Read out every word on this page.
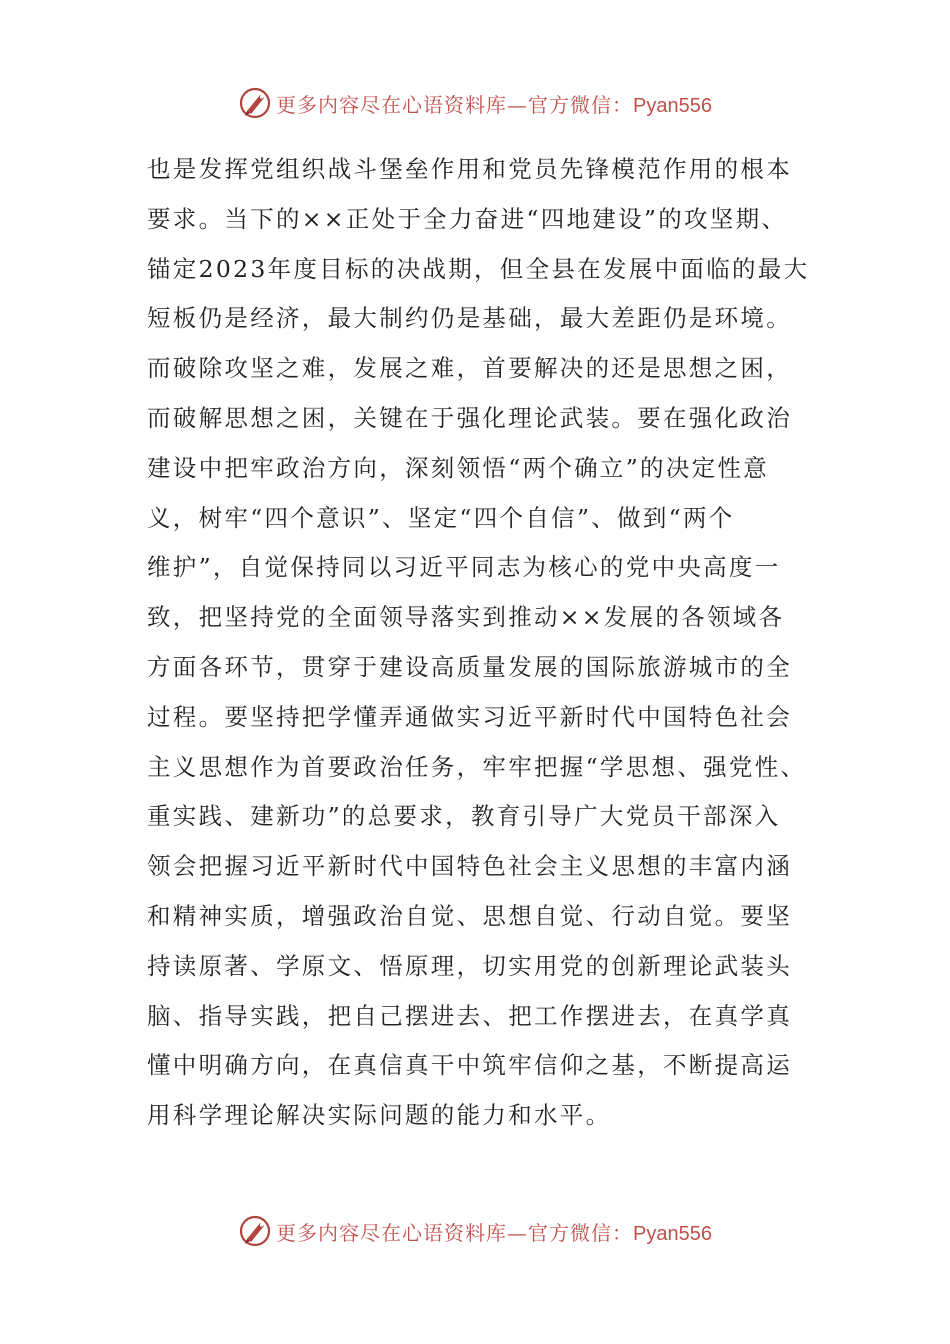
更多内容尽在心语资料库—官方微信：Pyan556
也是发挥党组织战斗堡垒作用和党员先锋模范作用的根本
要求。当下的××正处于全力奋进“四地建设”的攻坚期、
锚定2023年度目标的决战期，但全县在发展中面临的最大
短板仍是经济，最大制约仍是基础，最大差距仍是环境。
而破除攻坚之难，发展之难，首要解决的还是思想之困，
而破解思想之困，关键在于强化理论武装。要在强化政治
建设中把牢政治方向，深刻领悟“两个确立”的决定性意
义，树牢“四个意识”、坚定“四个自信”、做到“两个
维护”，自觉保持同以习近平同志为核心的党中央高度一
致，把坚持党的全面领导落实到推动××发展的各领域各
方面各环节，贯穿于建设高质量发展的国际旅游城市的全
过程。要坚持把学懂弄通做实习近平新时代中国特色社会
主义思想作为首要政治任务，牢牢把握“学思想、强党性、
重实践、建新功”的总要求，教育引导广大党员干部深入
领会把握习近平新时代中国特色社会主义思想的丰富内涵
和精神实质，增强政治自觉、思想自觉、行动自觉。要坚
持读原著、学原文、悟原理，切实用党的创新理论武装头
脑、指导实践，把自己摆进去、把工作摆进去，在真学真
懂中明确方向，在真信真干中筑牢信仰之基，不断提高运
用科学理论解决实际问题的能力和水平。
更多内容尽在心语资料库—官方微信：Pyan556
